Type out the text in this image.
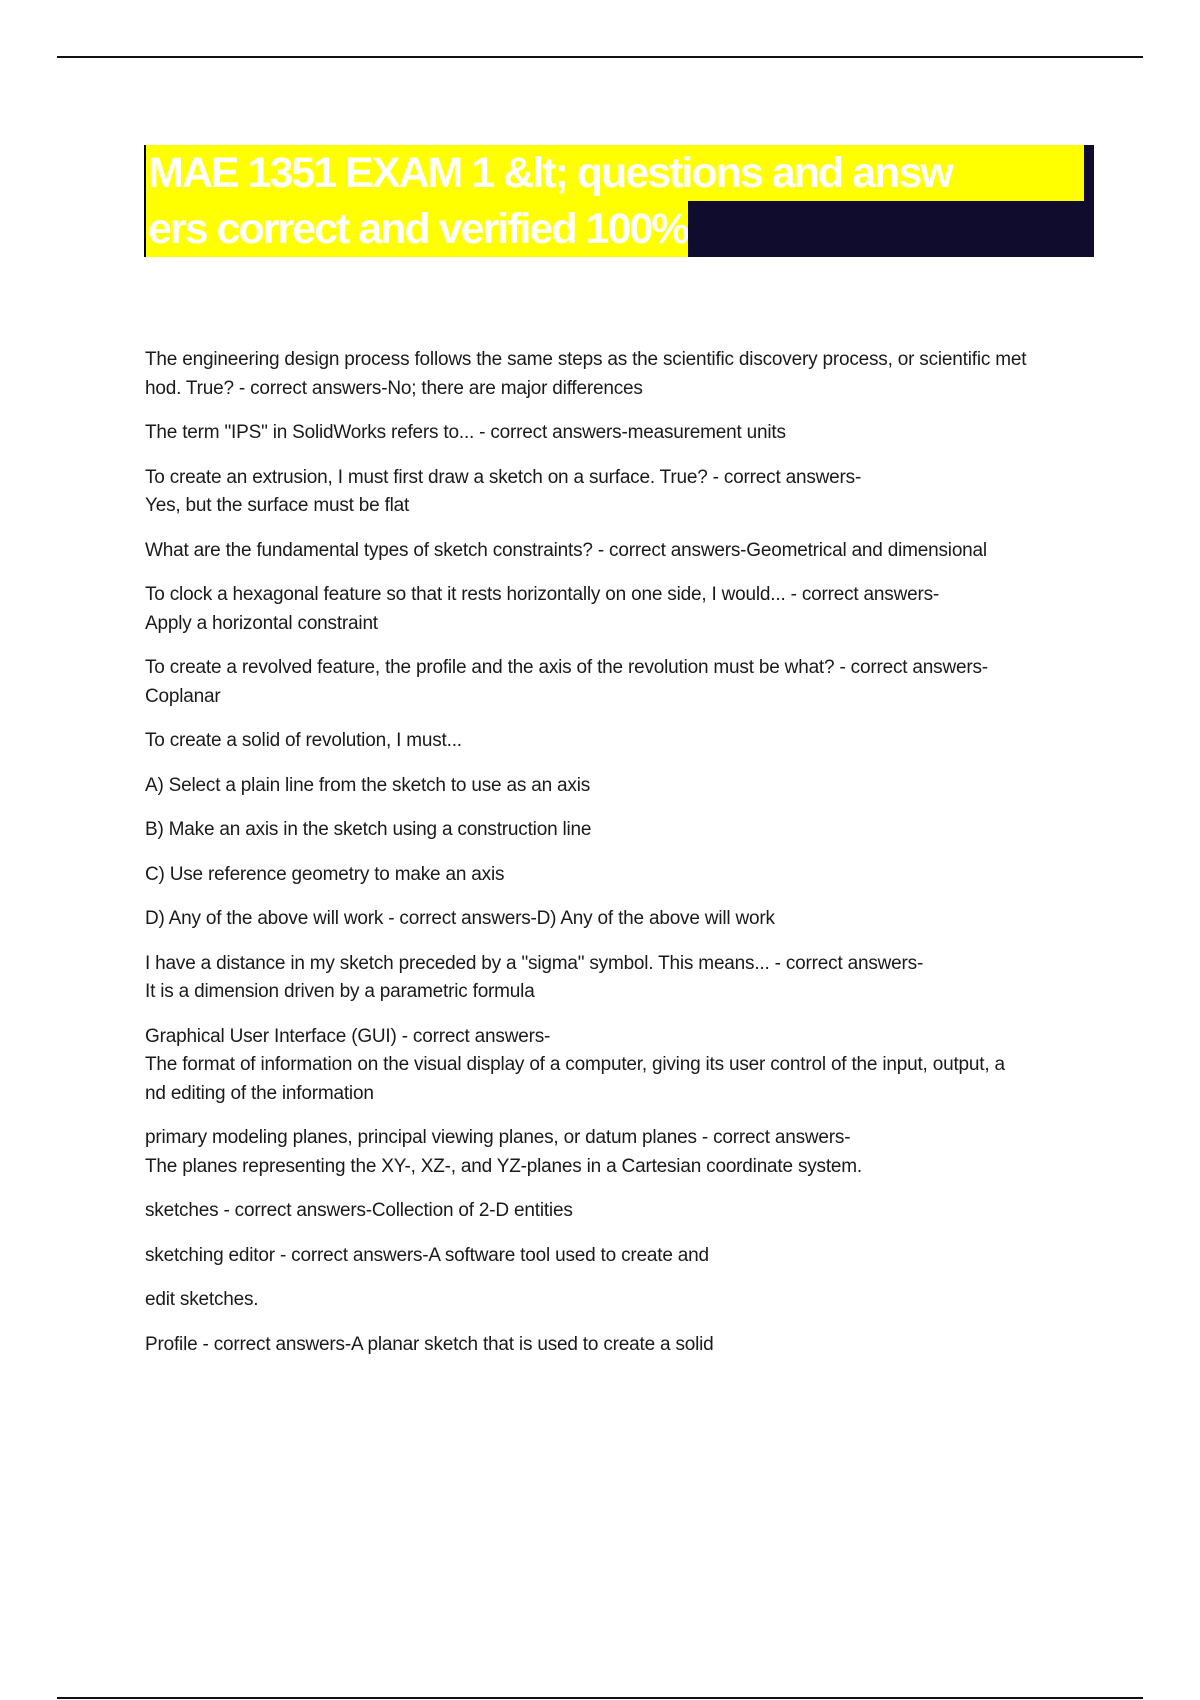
MAE 1351 EXAM 1 &lt; questions and answ
ers correct and verified 100%

The engineering design process follows the same steps as the scientific discovery process, or scientific met
hod. True? - correct answers-No; there are major differences

The term "IPS" in SolidWorks refers to... - correct answers-measurement units

To create an extrusion, I must first draw a sketch on a surface. True? - correct answers-
Yes, but the surface must be flat

What are the fundamental types of sketch constraints? - correct answers-Geometrical and dimensional

To clock a hexagonal feature so that it rests horizontally on one side, I would... - correct answers-
Apply a horizontal constraint

To create a revolved feature, the profile and the axis of the revolution must be what? - correct answers-
Coplanar

To create a solid of revolution, I must...

A) Select a plain line from the sketch to use as an axis

B) Make an axis in the sketch using a construction line

C) Use reference geometry to make an axis

D) Any of the above will work - correct answers-D) Any of the above will work

I have a distance in my sketch preceded by a "sigma" symbol. This means... - correct answers-
It is a dimension driven by a parametric formula

Graphical User Interface (GUI) - correct answers-
The format of information on the visual display of a computer, giving its user control of the input, output, a
nd editing of the information

primary modeling planes, principal viewing planes, or datum planes - correct answers-
The planes representing the XY-, XZ-, and YZ-planes in a Cartesian coordinate system.

sketches - correct answers-Collection of 2-D entities

sketching editor - correct answers-A software tool used to create and

edit sketches.

Profile - correct answers-A planar sketch that is used to create a solid
